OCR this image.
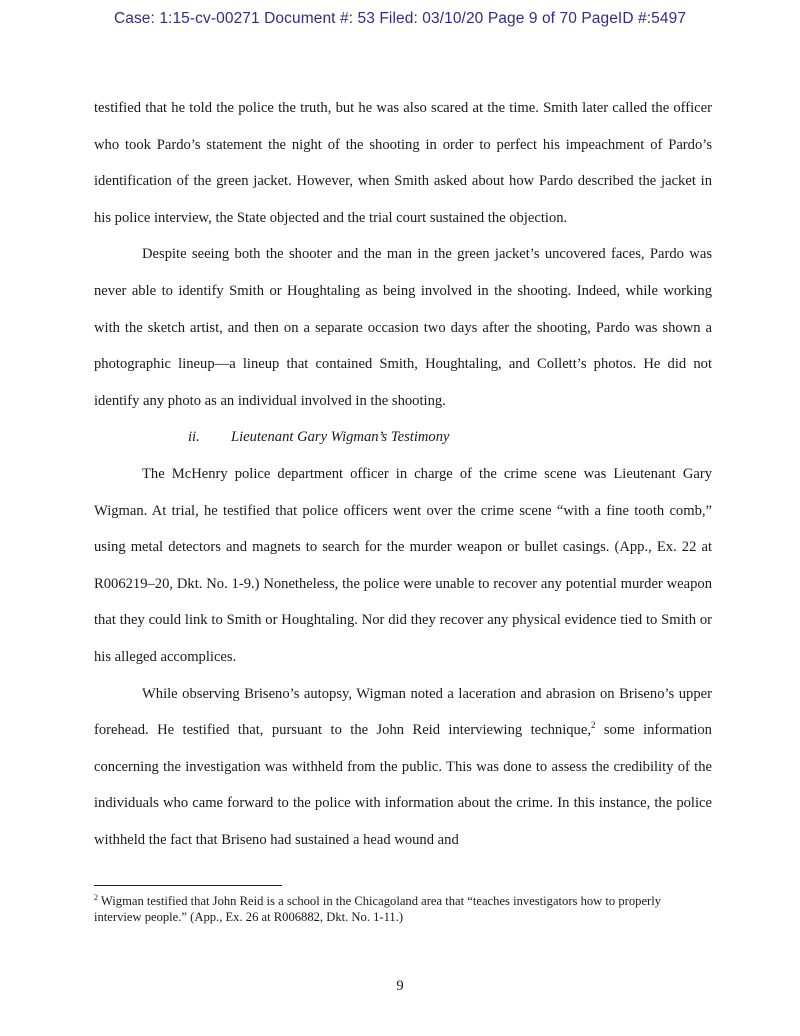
Case: 1:15-cv-00271 Document #: 53 Filed: 03/10/20 Page 9 of 70 PageID #:5497

testified that he told the police the truth, but he was also scared at the time. Smith later called the officer who took Pardo’s statement the night of the shooting in order to perfect his impeachment of Pardo’s identification of the green jacket. However, when Smith asked about how Pardo described the jacket in his police interview, the State objected and the trial court sustained the objection.

Despite seeing both the shooter and the man in the green jacket’s uncovered faces, Pardo was never able to identify Smith or Houghtaling as being involved in the shooting. Indeed, while working with the sketch artist, and then on a separate occasion two days after the shooting, Pardo was shown a photographic lineup—a lineup that contained Smith, Houghtaling, and Collett’s photos. He did not identify any photo as an individual involved in the shooting.

ii. Lieutenant Gary Wigman’s Testimony

The McHenry police department officer in charge of the crime scene was Lieutenant Gary Wigman. At trial, he testified that police officers went over the crime scene “with a fine tooth comb,” using metal detectors and magnets to search for the murder weapon or bullet casings. (App., Ex. 22 at R006219–20, Dkt. No. 1-9.) Nonetheless, the police were unable to recover any potential murder weapon that they could link to Smith or Houghtaling. Nor did they recover any physical evidence tied to Smith or his alleged accomplices.

While observing Briseno’s autopsy, Wigman noted a laceration and abrasion on Briseno’s upper forehead. He testified that, pursuant to the John Reid interviewing technique,$^2$ some information concerning the investigation was withheld from the public. This was done to assess the credibility of the individuals who came forward to the police with information about the crime. In this instance, the police withheld the fact that Briseno had sustained a head wound and

$^2$ Wigman testified that John Reid is a school in the Chicagoland area that “teaches investigators how to properly interview people.” (App., Ex. 26 at R006882, Dkt. No. 1-11.)

9
